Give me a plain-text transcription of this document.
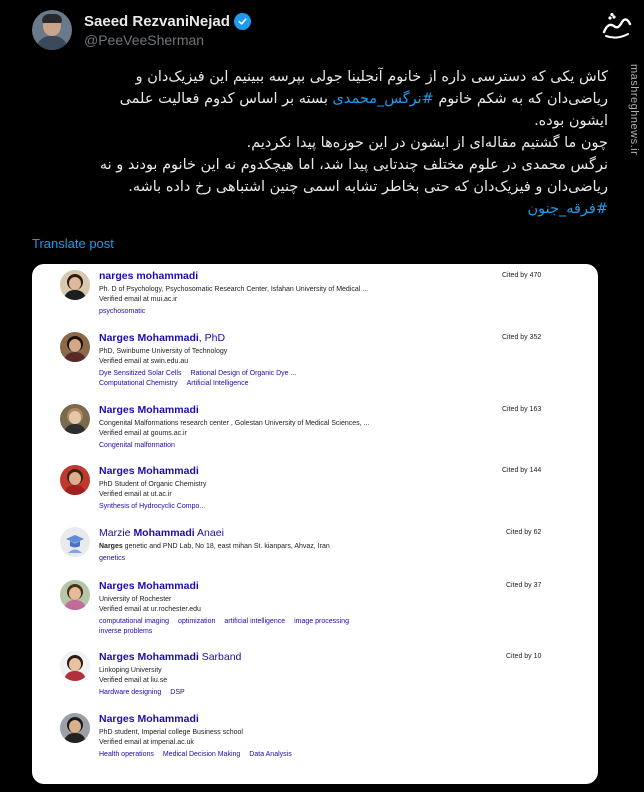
Saeed RezvaniNejad
@PeeVeeSherman
mashreghnews.ir

کاش یکی که دسترسی داره از خانوم آنجلینا جولی بپرسه ببینیم این فیزیک‌دان و

ریاضی‌دان که به شکم خانوم #نرگس_محمدی بسته بر اساس کدوم فعالیت علمی

ایشون بوده.

چون ما گشتیم مقاله‌ای از ایشون در این حوزه‌ها پیدا نکردیم.

نرگس محمدی در علوم مختلف چندتایی پیدا شد، اما هیچکدوم نه این خانوم بودند و نه

ریاضی‌دان و فیزیک‌دان که حتی بخاطر تشابه اسمی چنین اشتباهی رخ داده باشه.

#فرقه_جنون

Translate post
narges mohammadi
Ph. D of Psychology, Psychosomatic Research Center, Isfahan University of Medical ...
Verified email at mui.ac.ir
psychosomatic
Cited by 470
Narges Mohammadi, PhD
PhD, Swinburne University of Technology
Verified email at swin.edu.au
Dye Sensitized Solar Cells Rational Design of Organic Dye ...
Computational Chemistry Artificial Intelligence
Cited by 352
Narges Mohammadi
Congenital Malformations research center , Golestan University of Medical Sciences, ...
Verified email at goums.ac.ir
Congenital malformation
Cited by 163
Narges Mohammadi
PhD Student of Organic Chemistry
Verified email at ut.ac.ir
Synthesis of Hydrocyclic Compo...
Cited by 144
Marzie Mohammadi Anaei
Narges genetic and PND Lab, No 18, east mihan St. kianpars, Ahvaz, Iran
genetics
Cited by 62
Narges Mohammadi
University of Rochester
Verified email at ur.rochester.edu
computational imaging optimization artificial intelligence image processing
inverse problems
Cited by 37
Narges Mohammadi Sarband
Linkoping University
Verified email at liu.se
Hardware designing DSP
Cited by 10
Narges Mohammadi
PhD student, Imperial college Business school
Verified email at imperial.ac.uk
Health operations Medical Decision Making Data Analysis
